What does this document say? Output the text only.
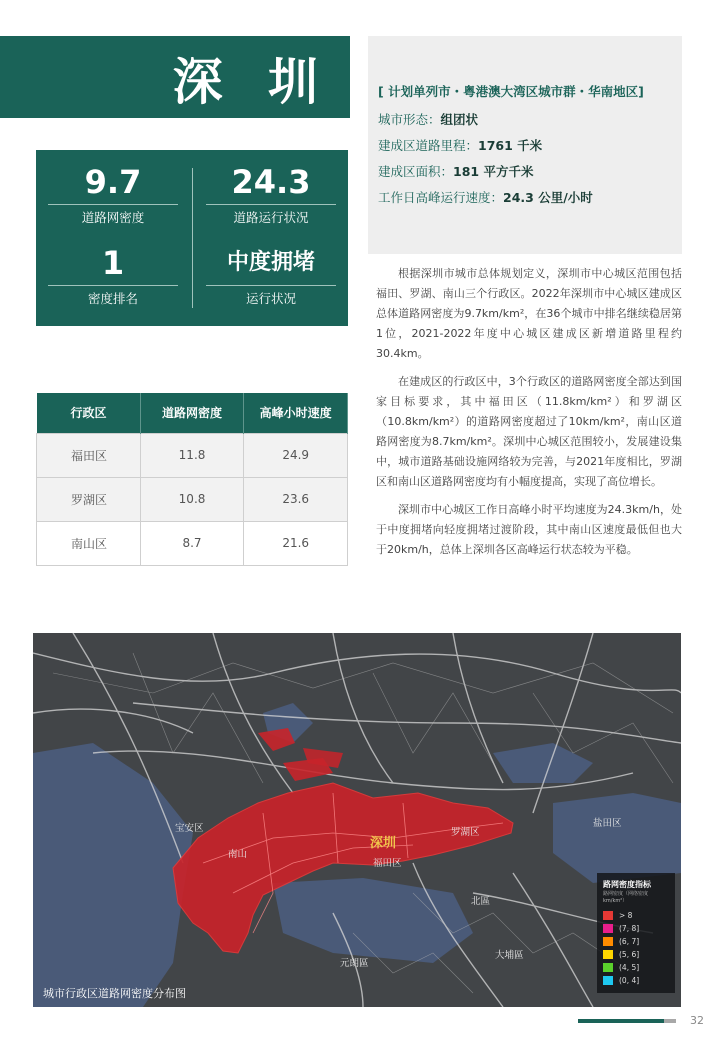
深 圳	[ 计划单列市・粤港澳大湾区城市群・华南地区]
城市形态：组团状
建成区道路里程：1761 千米
建成区面积：181 平方千米
工作日高峰运行速度：24.3 公里/小时
9.7
道路网密度
24.3
道路运行状况
1
密度排名
中度拥堵
运行状况
行政区	道路网密度	高峰小时速度
福田区	11.8	24.9
罗湖区	10.8	23.6
南山区	8.7	21.6

根据深圳市城市总体规划定义，深圳市中心城区范围包括福田、罗湖、南山三个行政区。2022年深圳市中心城区建成区总体道路网密度为9.7km/km²，在36个城市中排名继续稳居第1位，2021-2022年度中心城区建成区新增道路里程约30.4km。

在建成区的行政区中，3个行政区的道路网密度全部达到国家目标要求，其中福田区（11.8km/km²）和罗湖区（10.8km/km²）的道路网密度超过了10km/km²，南山区道路网密度为8.7km/km²。深圳中心城区范围较小，发展建设集中，城市道路基础设施网络较为完善，与2021年度相比，罗湖区和南山区道路网密度均有小幅度提高，实现了高位增长。

深圳市中心城区工作日高峰小时平均速度为24.3km/h，处于中度拥堵向轻度拥堵过渡阶段，其中南山区速度最低但也大于20km/h，总体上深圳各区高峰运行状态较为平稳。

宝安区
南山
深圳
福田区
罗湖区
盐田区
北區
元朗區
大埔區
路网密度指标
路网密度（网络密度 km/km²）
> 8
(7, 8]
(6, 7]
(5, 6]
(4, 5]
(0, 4]
城市行政区道路网密度分布图
32
